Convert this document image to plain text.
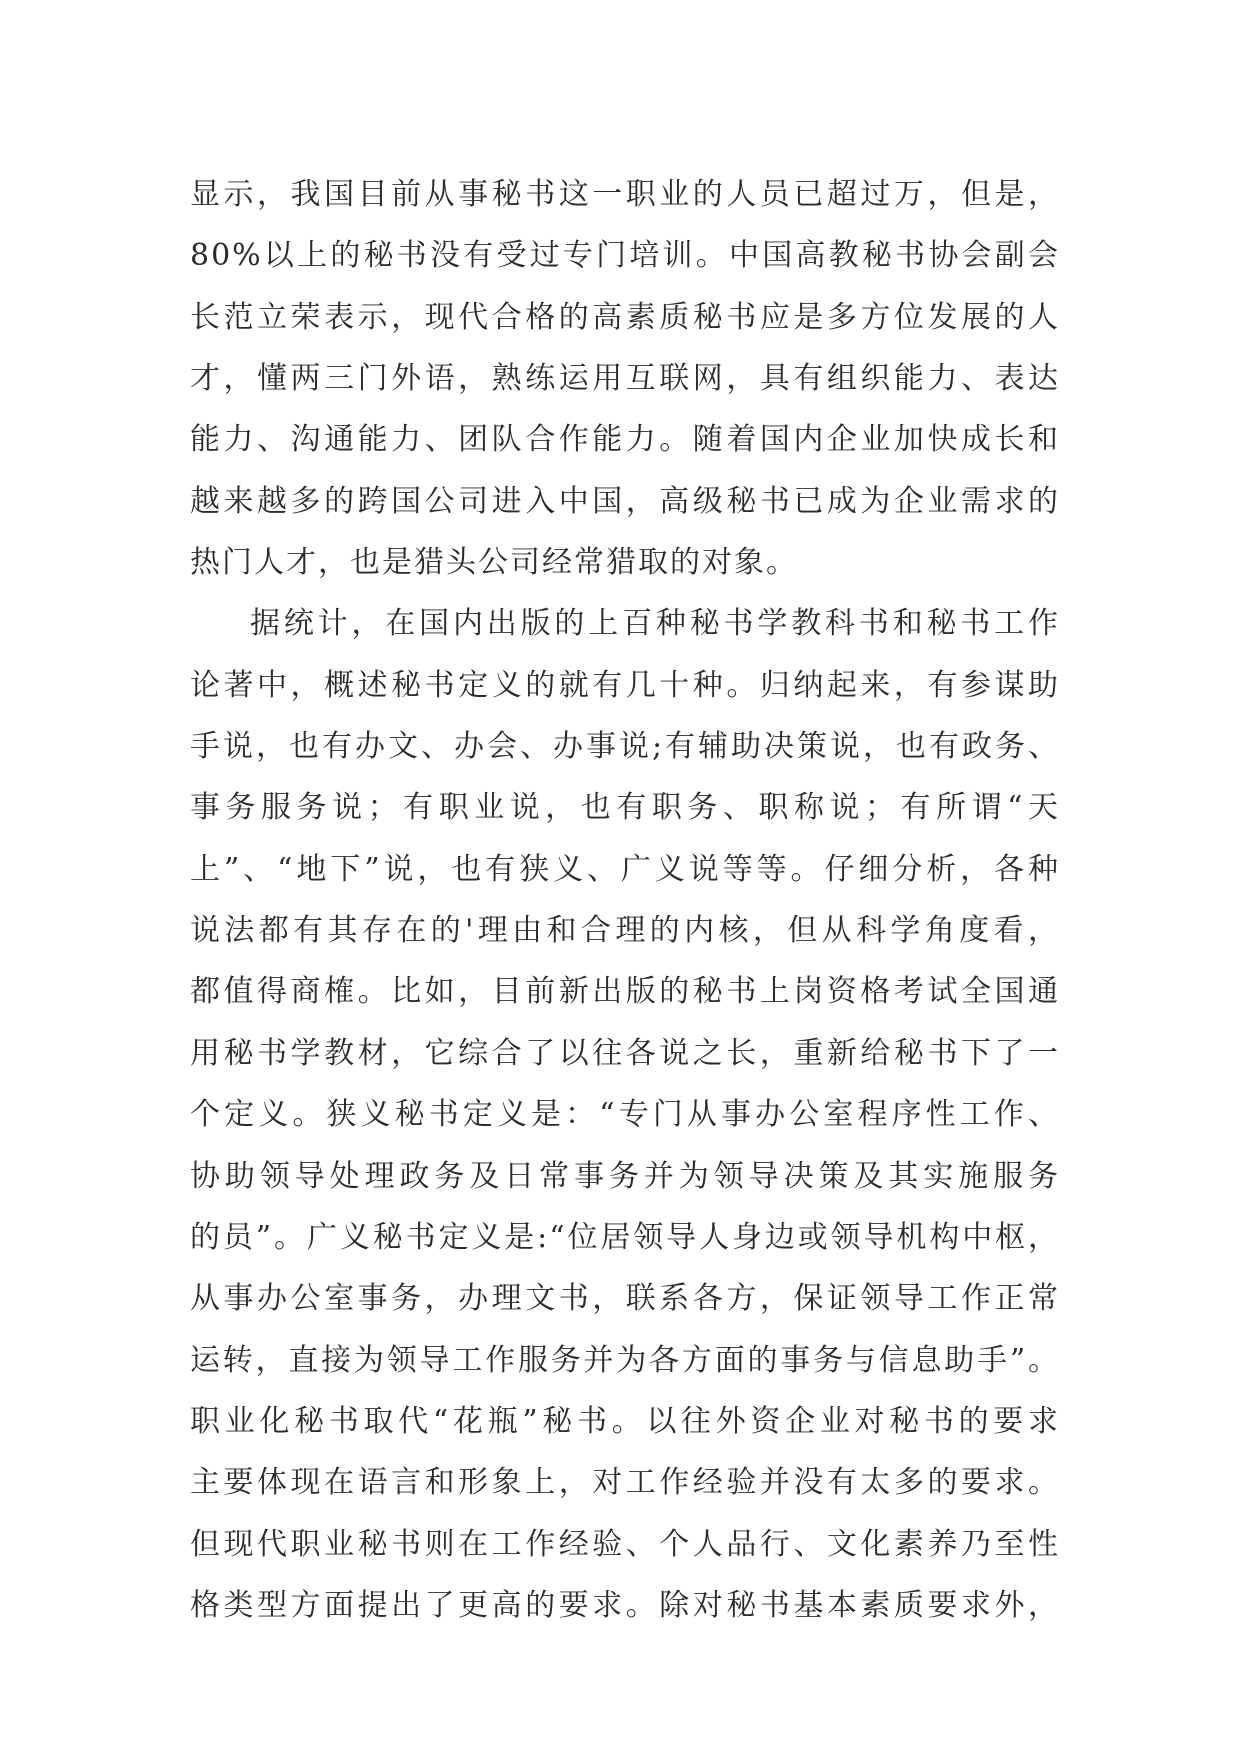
显示，我国目前从事秘书这一职业的人员已超过万，但是，
80%以上的秘书没有受过专门培训。中国高教秘书协会副会
长范立荣表示，现代合格的高素质秘书应是多方位发展的人
才，懂两三门外语，熟练运用互联网，具有组织能力、表达
能力、沟通能力、团队合作能力。随着国内企业加快成长和
越来越多的跨国公司进入中国，高级秘书已成为企业需求的
热门人才，也是猎头公司经常猎取的对象。
据统计，在国内出版的上百种秘书学教科书和秘书工作
论著中，概述秘书定义的就有几十种。归纳起来，有参谋助
手说，也有办文、办会、办事说;有辅助决策说，也有政务、
事务服务说；有职业说，也有职务、职称说；有所谓“天
上”、“地下”说，也有狭义、广义说等等。仔细分析，各种
说法都有其存在的'理由和合理的内核，但从科学角度看，
都值得商榷。比如，目前新出版的秘书上岗资格考试全国通
用秘书学教材，它综合了以往各说之长，重新给秘书下了一
个定义。狭义秘书定义是：“专门从事办公室程序性工作、
协助领导处理政务及日常事务并为领导决策及其实施服务
的员”。广义秘书定义是:“位居领导人身边或领导机构中枢，
从事办公室事务，办理文书，联系各方，保证领导工作正常
运转，直接为领导工作服务并为各方面的事务与信息助手”。
职业化秘书取代“花瓶”秘书。以往外资企业对秘书的要求
主要体现在语言和形象上，对工作经验并没有太多的要求。
但现代职业秘书则在工作经验、个人品行、文化素养乃至性
格类型方面提出了更高的要求。除对秘书基本素质要求外，
